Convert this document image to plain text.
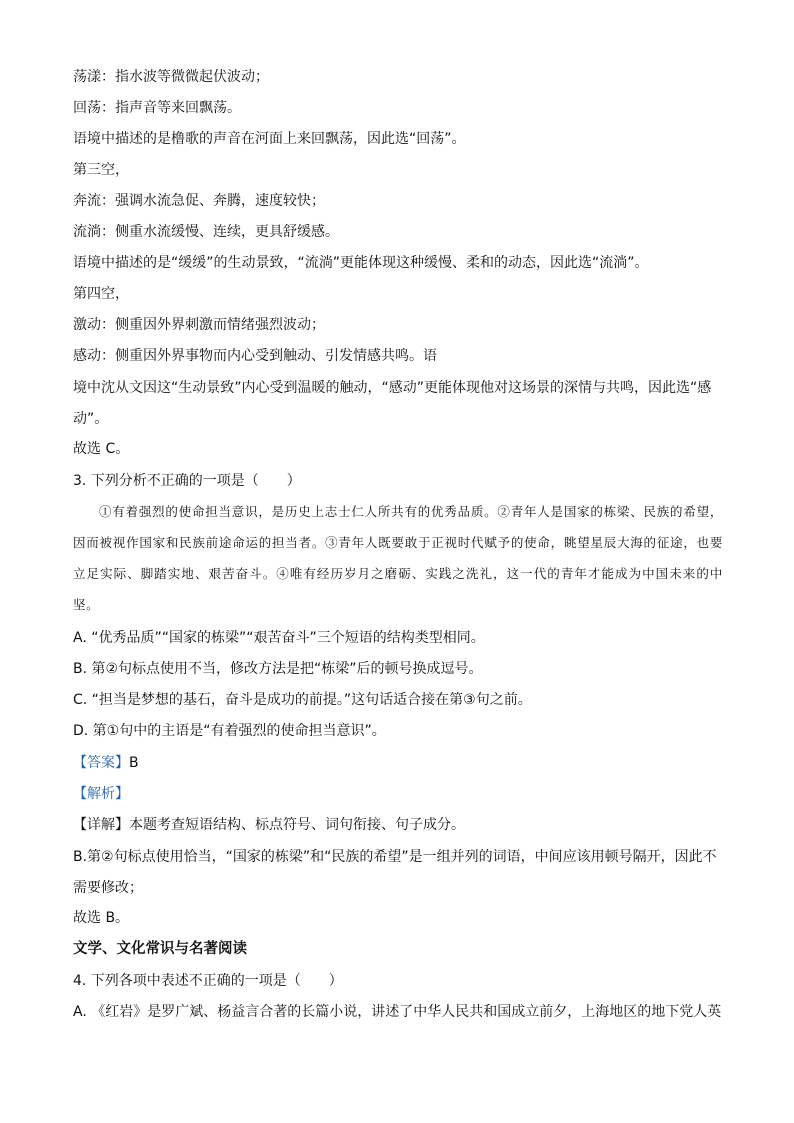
荡漾：指水波等微微起伏波动；
回荡：指声音等来回飘荡。
语境中描述的是橹歌的声音在河面上来回飘荡，因此选“回荡”。
第三空，
奔流：强调水流急促、奔腾，速度较快；
流淌：侧重水流缓慢、连续，更具舒缓感。
语境中描述的是“缓缓”的生动景致，“流淌”更能体现这种缓慢、柔和的动态，因此选“流淌”。
第四空，
激动：侧重因外界刺激而情绪强烈波动；
感动：侧重因外界事物而内心受到触动、引发情感共鸣。语
境中沈从文因这“生动景致”内心受到温暖的触动，“感动”更能体现他对这场景的深情与共鸣，因此选“感动”。
故选 C。
3. 下列分析不正确的一项是（　　）
①有着强烈的使命担当意识，是历史上志士仁人所共有的优秀品质。②青年人是国家的栋梁、民族的希望，因而被视作国家和民族前途命运的担当者。③青年人既要敢于正视时代赋予的使命，眺望星辰大海的征途，也要立足实际、脚踏实地、艰苦奋斗。④唯有经历岁月之磨砺、实践之洗礼，这一代的青年才能成为中国未来的中坚。
A. “优秀品质”“国家的栋梁”“艰苦奋斗”三个短语的结构类型相同。
B. 第②句标点使用不当，修改方法是把“栋梁”后的顿号换成逗号。
C. “担当是梦想的基石，奋斗是成功的前提。”这句话适合接在第③句之前。
D. 第①句中的主语是“有着强烈的使命担当意识”。
【答案】B
【解析】
【详解】本题考查短语结构、标点符号、词句衔接、句子成分。
B.第②句标点使用恰当，“国家的栋梁”和“民族的希望”是一组并列的词语，中间应该用顿号隔开，因此不需要修改；
故选 B。
文学、文化常识与名著阅读
4. 下列各项中表述不正确的一项是（　　）
A. 《红岩》是罗广斌、杨益言合著的长篇小说，讲述了中华人民共和国成立前夕，上海地区的地下党人英
